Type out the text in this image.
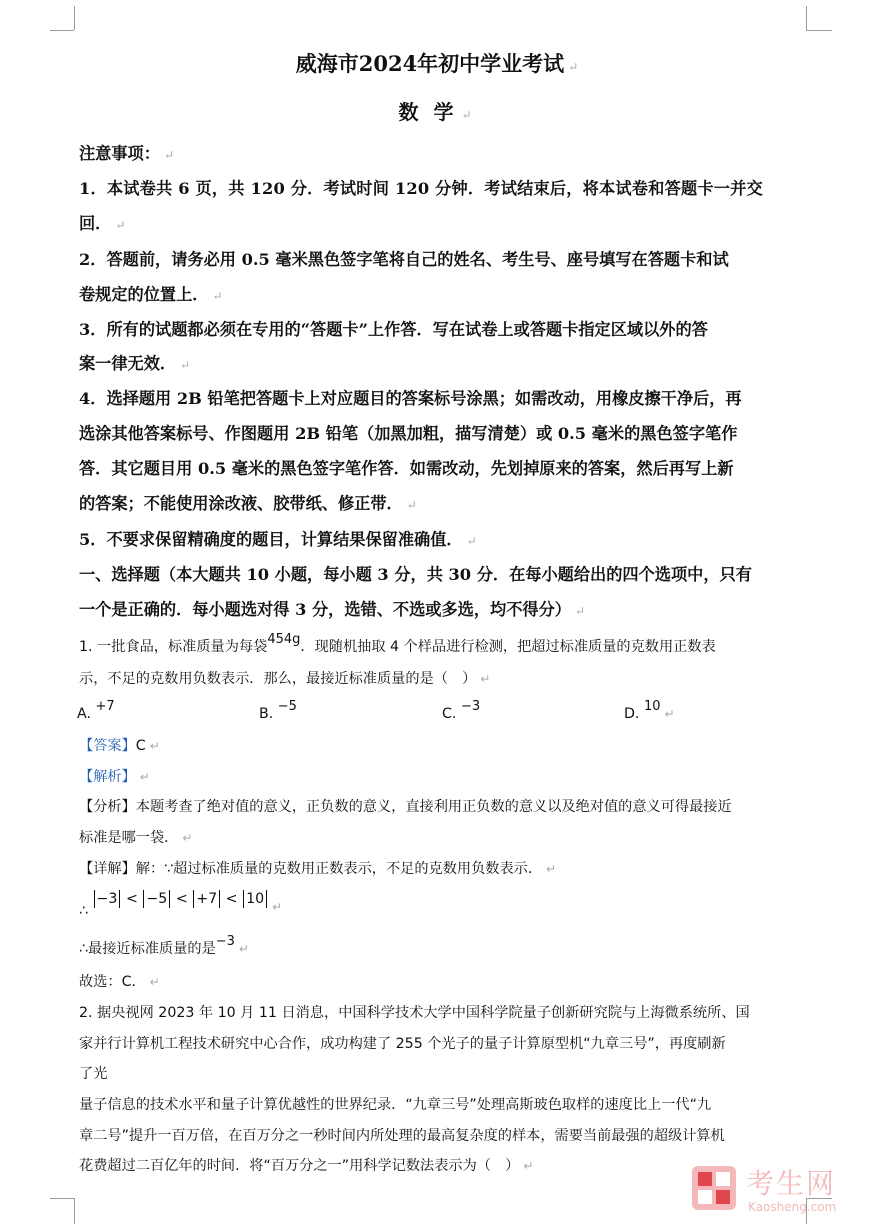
威海市2024年初中学业考试 ↵
数 学 ↵
注意事项： ↵
1．本试卷共 6 页，共 120 分．考试时间 120 分钟．考试结束后，将本试卷和答题卡一并交
回． ↵
2．答题前，请务必用 0.5 毫米黑色签字笔将自己的姓名、考生号、座号填写在答题卡和试
卷规定的位置上． ↵
3．所有的试题都必须在专用的“答题卡”上作答．写在试卷上或答题卡指定区域以外的答
案一律无效． ↵
4．选择题用 2B 铅笔把答题卡上对应题目的答案标号涂黑；如需改动，用橡皮擦干净后，再
选涂其他答案标号、作图题用 2B 铅笔（加黑加粗，描写清楚）或 0.5 毫米的黑色签字笔作
答．其它题目用 0.5 毫米的黑色签字笔作答．如需改动，先划掉原来的答案，然后再写上新
的答案；不能使用涂改液、胶带纸、修正带． ↵
5．不要求保留精确度的题目，计算结果保留准确值． ↵
一、选择题（本大题共 10 小题，每小题 3 分，共 30 分．在每小题给出的四个选项中，只有
一个是正确的．每小题选对得 3 分，选错、不选或多选，均不得分） ↵
1. 一批食品，标准质量为每袋454g．现随机抽取 4 个样品进行检测，把超过标准质量的克数用正数表
示，不足的克数用负数表示．那么，最接近标准质量的是（　） ↵
A. +7	B. −5	C. −3	D. 10 ↵
【答案】C ↵
【解析】 ↵
【分析】本题考查了绝对值的意义，正负数的意义，直接利用正负数的意义以及绝对值的意义可得最接近
标准是哪一袋． ↵
【详解】解：∵超过标准质量的克数用正数表示，不足的克数用负数表示． ↵
∴ −3 < −5 < +7 < 10 $_↵$
∴最接近标准质量的是−3 ↵
故选：C． ↵
2. 据央视网 2023 年 10 月 11 日消息，中国科学技术大学中国科学院量子创新研究院与上海微系统所、国
家并行计算机工程技术研究中心合作，成功构建了 255 个光子的量子计算原型机“九章三号”，再度刷新
了光
量子信息的技术水平和量子计算优越性的世界纪录．“九章三号”处理高斯玻色取样的速度比上一代“九
章二号”提升一百万倍，在百万分之一秒时间内所处理的最高复杂度的样本，需要当前最强的超级计算机
花费超过二百亿年的时间．将“百万分之一”用科学记数法表示为（　） ↵
考生网
Kaosheng.com
